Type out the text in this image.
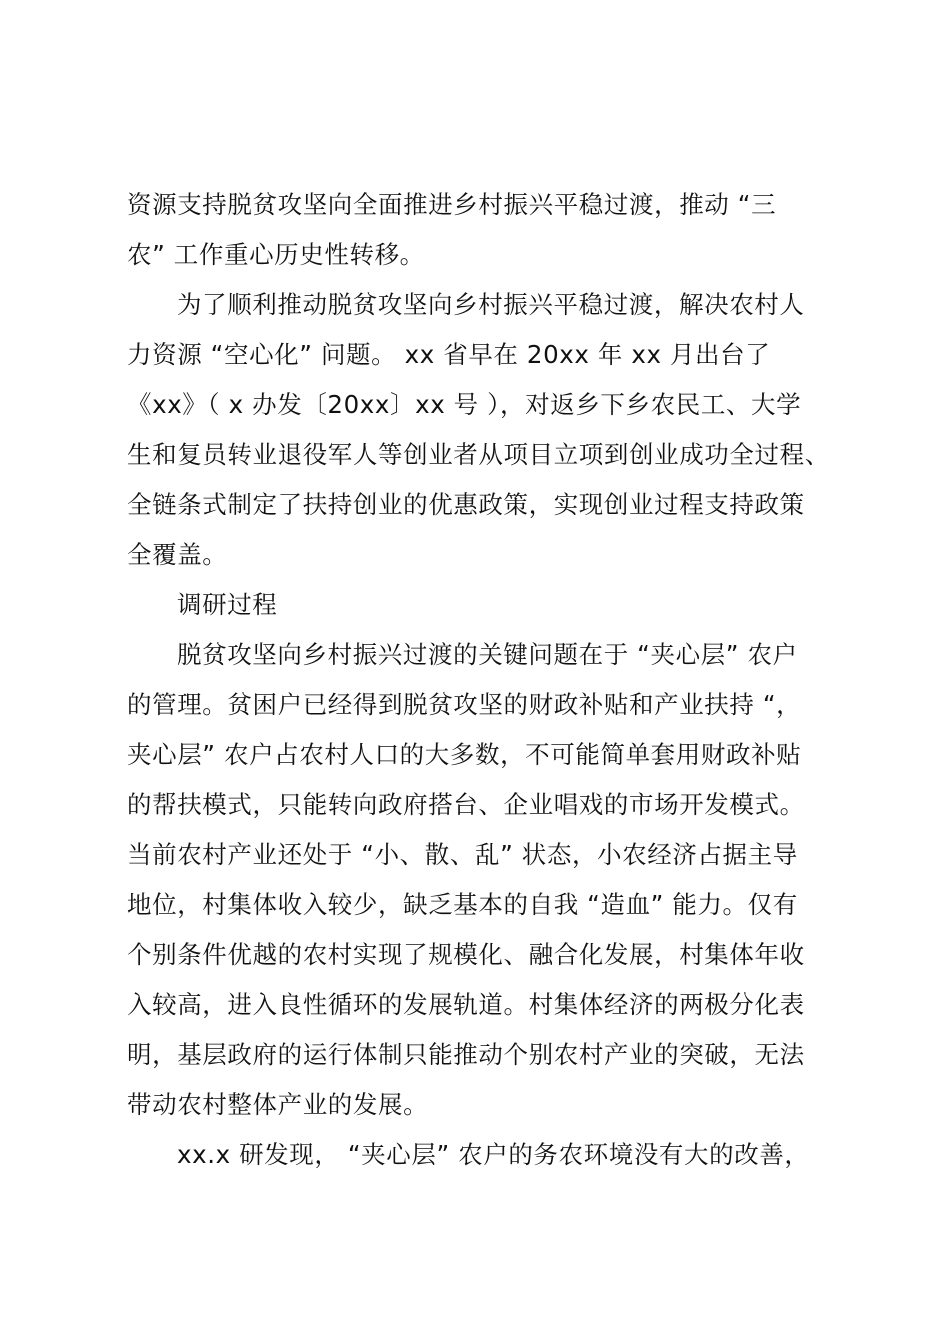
资源支持脱贫攻坚向全面推进乡村振兴平稳过渡，推动 “三
农” 工作重心历史性转移。
为了顺利推动脱贫攻坚向乡村振兴平稳过渡，解决农村人
力资源 “空心化” 问题。 xx 省早在 20xx 年 xx 月出台了
《xx》（ x 办发〔20xx〕xx 号 ），对返乡下乡农民工、大学
生和复员转业退役军人等创业者从项目立项到创业成功全过程、
全链条式制定了扶持创业的优惠政策，实现创业过程支持政策
全覆盖。
调研过程
脱贫攻坚向乡村振兴过渡的关键问题在于 “夹心层” 农户
的管理。贫困户已经得到脱贫攻坚的财政补贴和产业扶持 “，
夹心层” 农户占农村人口的大多数，不可能简单套用财政补贴
的帮扶模式，只能转向政府搭台、企业唱戏的市场开发模式。
当前农村产业还处于 “小、散、乱” 状态，小农经济占据主导
地位，村集体收入较少，缺乏基本的自我 “造血” 能力。仅有
个别条件优越的农村实现了规模化、融合化发展，村集体年收
入较高，进入良性循环的发展轨道。村集体经济的两极分化表
明，基层政府的运行体制只能推动个别农村产业的突破，无法
带动农村整体产业的发展。
xx.x 研发现， “夹心层” 农户的务农环境没有大的改善，
